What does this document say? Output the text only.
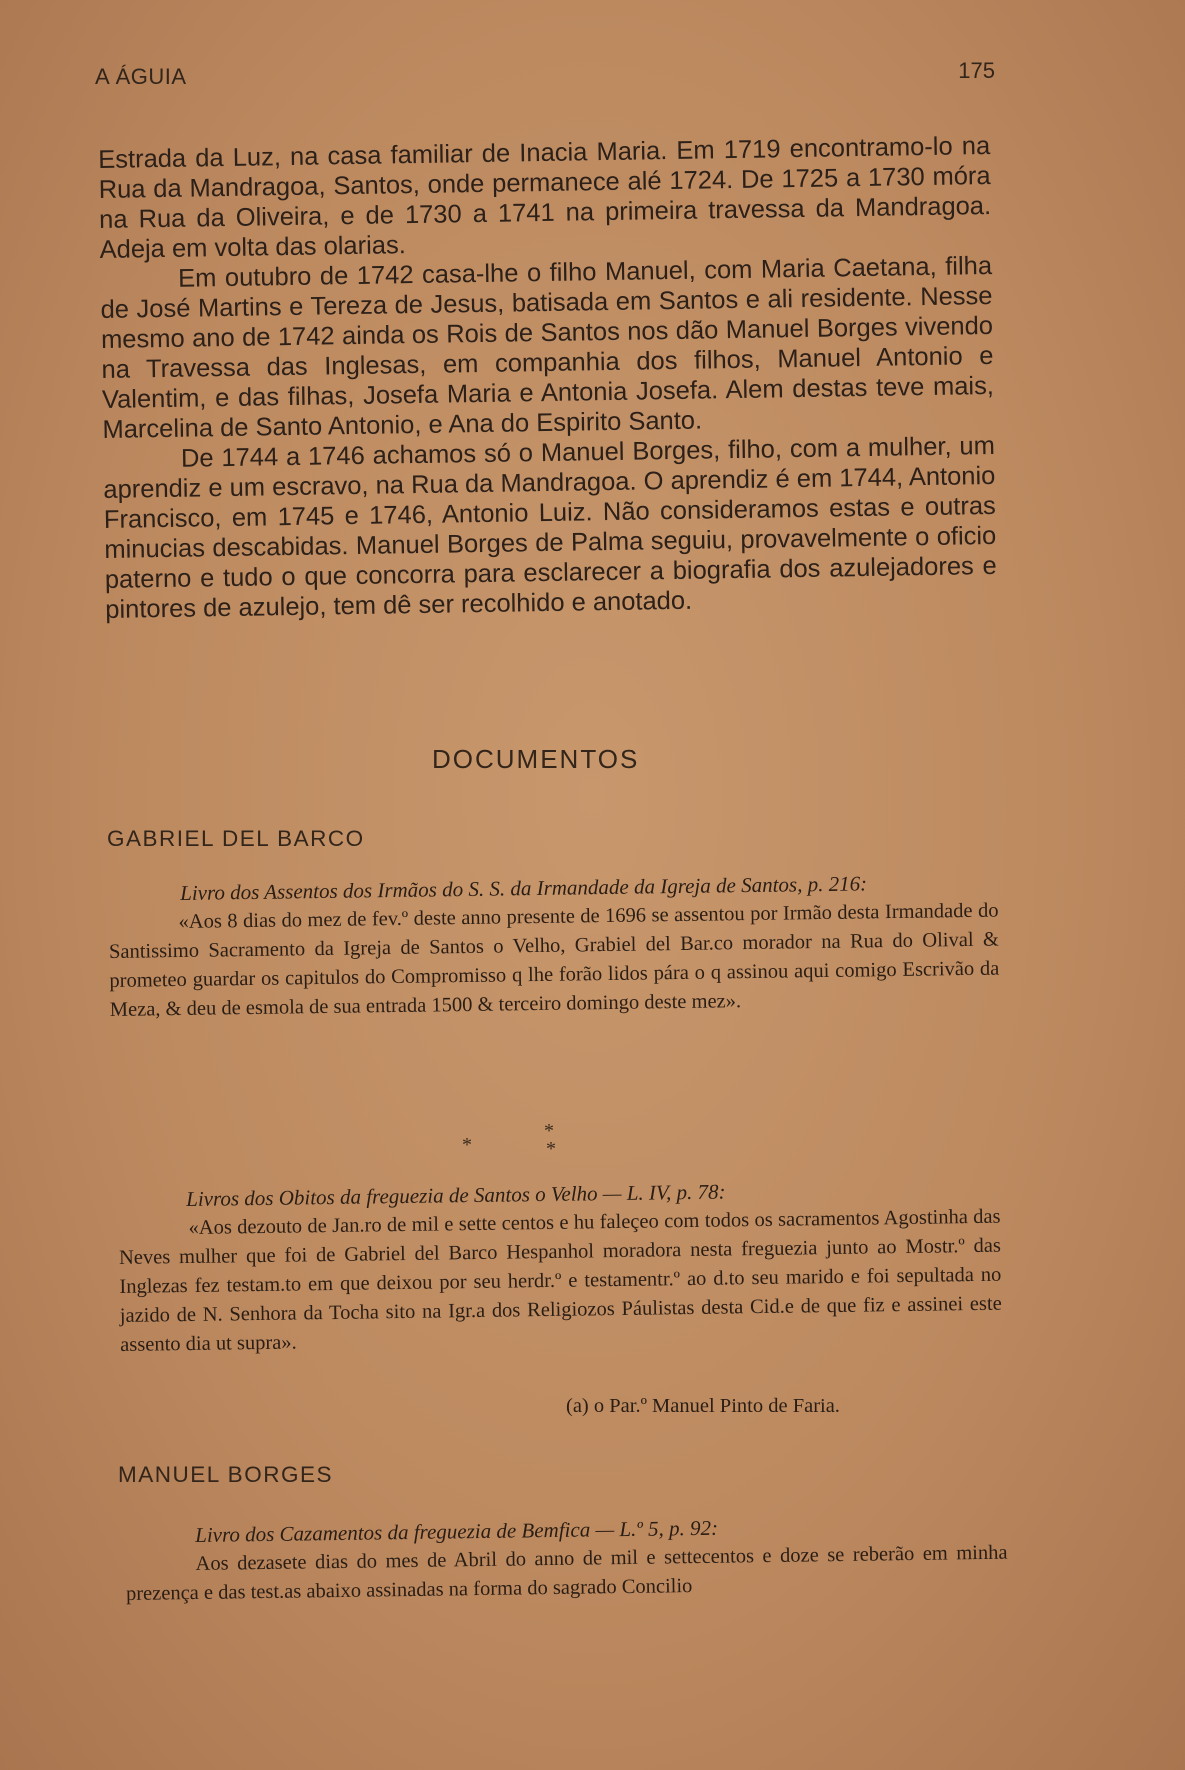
A ÁGUIA	175

Estrada da Luz, na casa familiar de Inacia Maria. Em 1719 encontramo-lo na Rua da Mandragoa, Santos, onde permanece alé 1724. De 1725 a 1730 móra na Rua da Oliveira, e de 1730 a 1741 na primeira travessa da Mandragoa. Adeja em volta das olarias.

Em outubro de 1742 casa-lhe o filho Manuel, com Maria Caetana, filha de José Martins e Tereza de Jesus, batisada em Santos e ali residente. Nesse mesmo ano de 1742 ainda os Rois de Santos nos dão Manuel Borges vivendo na Travessa das Inglesas, em companhia dos filhos, Manuel Antonio e Valentim, e das filhas, Josefa Maria e Antonia Josefa. Alem destas teve mais, Marcelina de Santo Antonio, e Ana do Espirito Santo.

De 1744 a 1746 achamos só o Manuel Borges, filho, com a mulher, um aprendiz e um escravo, na Rua da Mandragoa. O aprendiz é em 1744, Antonio Francisco, em 1745 e 1746, Antonio Luiz. Não consideramos estas e outras minucias descabidas. Manuel Borges de Palma seguiu, provavelmente o oficio paterno e tudo o que concorra para esclarecer a biografia dos azulejadores e pintores de azulejo, tem dê ser recolhido e anotado.

DOCUMENTOS
GABRIEL DEL BARCO

Livro dos Assentos dos Irmãos do S. S. da Irmandade da Igreja de Santos, p. 216:

«Aos 8 dias do mez de fev.º deste anno presente de 1696 se assentou por Irmão desta Irmandade do Santissimo Sacramento da Igreja de Santos o Velho, Grabiel del Bar.co morador na Rua do Olival & prometeo guardar os capitulos do Compromisso q lhe forão lidos pára o q assinou aqui comigo Escrivão da Meza, & deu de esmola de sua entrada 1500 & terceiro domingo deste mez».

*
*
*

Livros dos Obitos da freguezia de Santos o Velho — L. IV, p. 78:

«Aos dezouto de Jan.ro de mil e sette centos e hu faleçeo com todos os sacramentos Agostinha das Neves mulher que foi de Gabriel del Barco Hespanhol moradora nesta freguezia junto ao Mostr.º das Inglezas fez testam.to em que deixou por seu herdr.º e testamentr.º ao d.to seu marido e foi sepultada no jazido de N. Senhora da Tocha sito na Igr.a dos Religiozos Páulistas desta Cid.e de que fiz e assinei este assento dia ut supra».

(a) o Par.º Manuel Pinto de Faria.
MANUEL BORGES

Livro dos Cazamentos da freguezia de Bemfica — L.º 5, p. 92:

Aos dezasete dias do mes de Abril do anno de mil e settecentos e doze se reberão em minha prezença e das test.as abaixo assinadas na forma do sagrado Concilio
